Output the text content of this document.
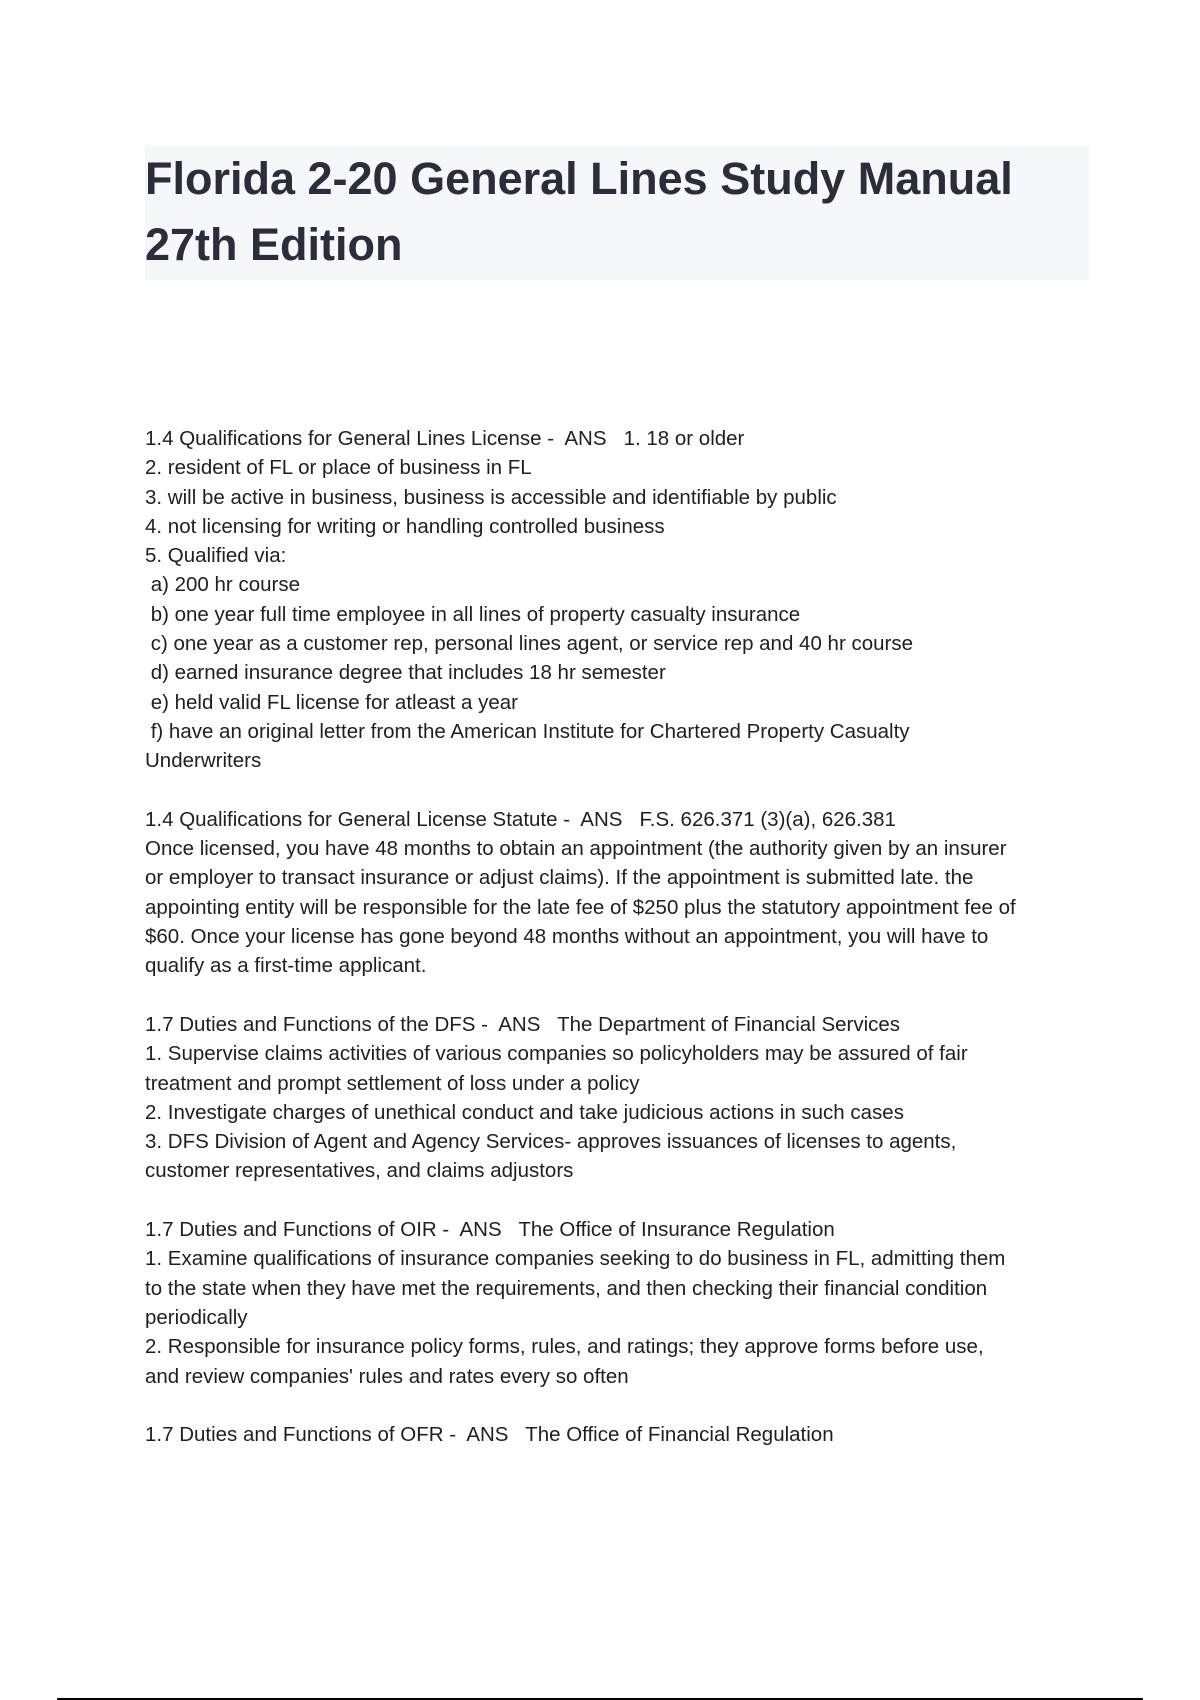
Florida 2-20 General Lines Study Manual
27th Edition
1.4 Qualifications for General Lines License -  ANS   1. 18 or older
2. resident of FL or place of business in FL
3. will be active in business, business is accessible and identifiable by public
4. not licensing for writing or handling controlled business
5. Qualified via:
a) 200 hr course
b) one year full time employee in all lines of property casualty insurance
c) one year as a customer rep, personal lines agent, or service rep and 40 hr course
d) earned insurance degree that includes 18 hr semester
e) held valid FL license for atleast a year
f) have an original letter from the American Institute for Chartered Property Casualty
Underwriters
1.4 Qualifications for General License Statute -  ANS   F.S. 626.371 (3)(a), 626.381
Once licensed, you have 48 months to obtain an appointment (the authority given by an insurer
or employer to transact insurance or adjust claims). If the appointment is submitted late. the
appointing entity will be responsible for the late fee of $250 plus the statutory appointment fee of
$60. Once your license has gone beyond 48 months without an appointment, you will have to
qualify as a first-time applicant.
1.7 Duties and Functions of the DFS -  ANS   The Department of Financial Services
1. Supervise claims activities of various companies so policyholders may be assured of fair
treatment and prompt settlement of loss under a policy
2. Investigate charges of unethical conduct and take judicious actions in such cases
3. DFS Division of Agent and Agency Services- approves issuances of licenses to agents,
customer representatives, and claims adjustors
1.7 Duties and Functions of OIR -  ANS   The Office of Insurance Regulation
1. Examine qualifications of insurance companies seeking to do business in FL, admitting them
to the state when they have met the requirements, and then checking their financial condition
periodically
2. Responsible for insurance policy forms, rules, and ratings; they approve forms before use,
and review companies' rules and rates every so often
1.7 Duties and Functions of OFR -  ANS   The Office of Financial Regulation
